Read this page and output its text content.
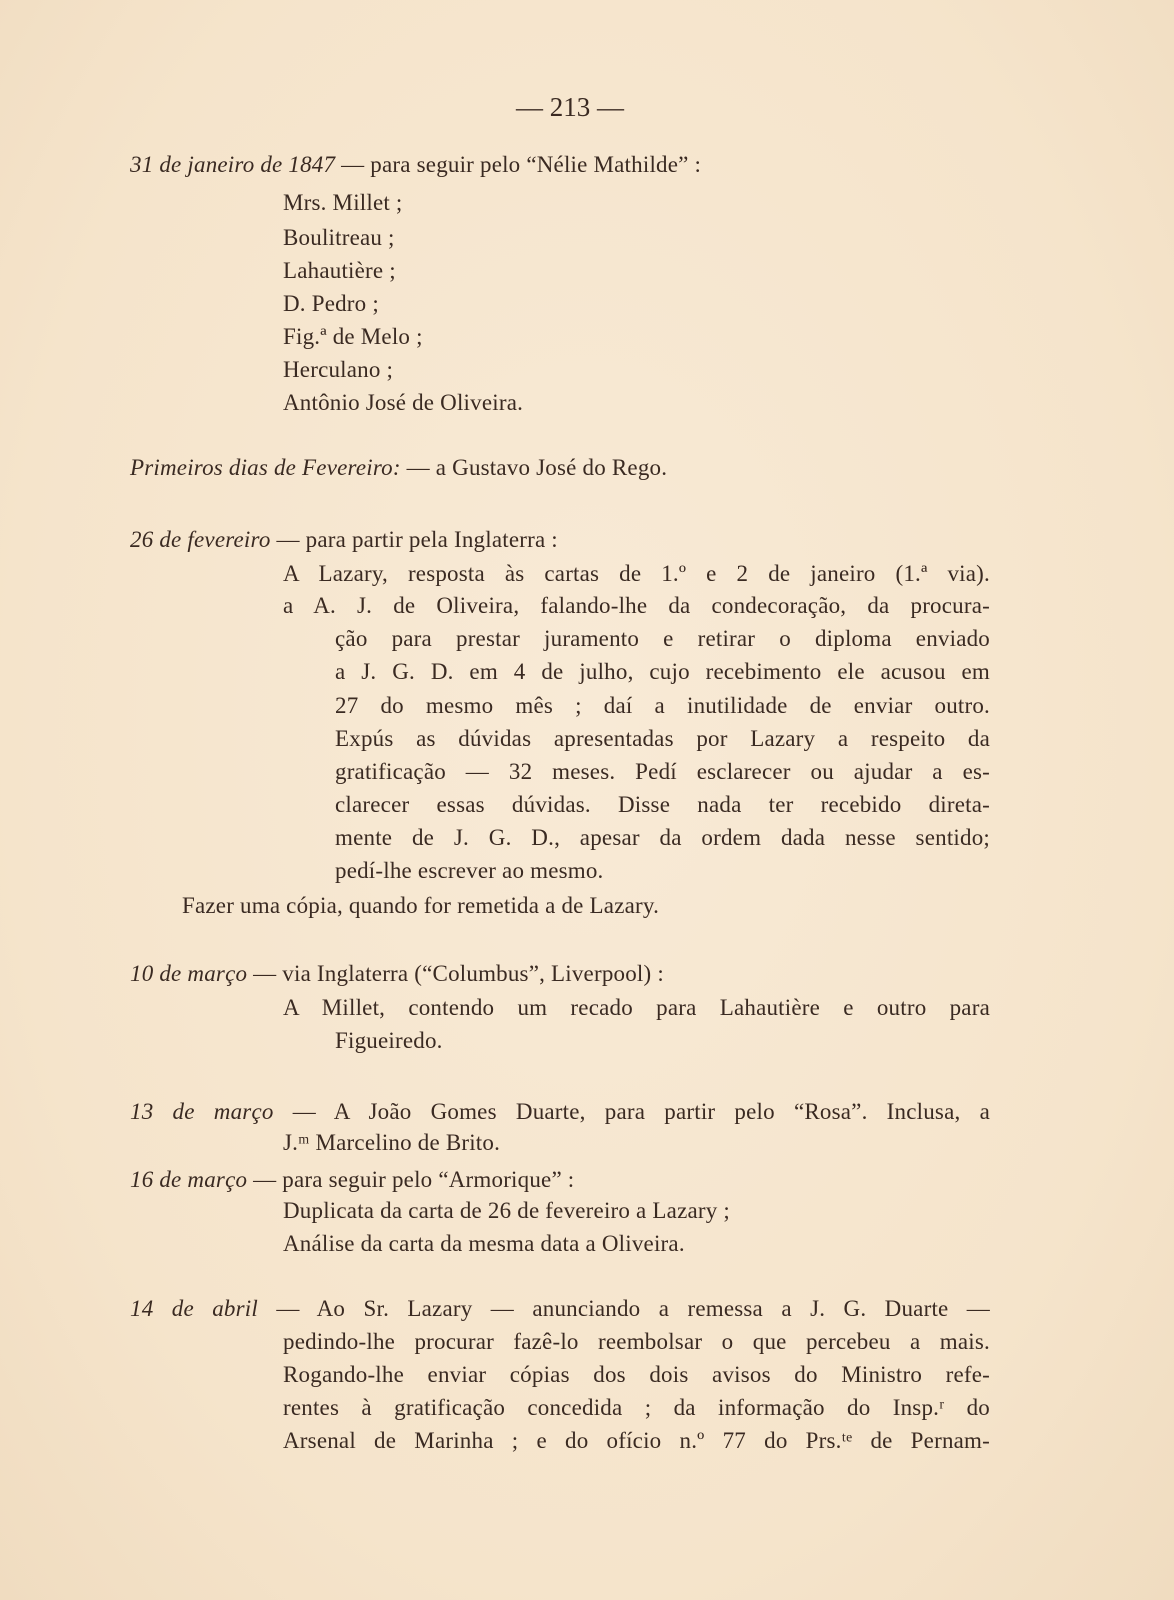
— 213 —
31 de janeiro de 1847 — para seguir pelo “Nélie Mathilde” :
Mrs. Millet ;
Boulitreau ;
Lahautière ;
D. Pedro ;
Fig.ª de Melo ;
Herculano ;
Antônio José de Oliveira.
Primeiros dias de Fevereiro: — a Gustavo José do Rego.
26 de fevereiro — para partir pela Inglaterra :
A Lazary, resposta às cartas de 1.º e 2 de janeiro (1.ª via).
a A. J. de Oliveira, falando-lhe da condecoração, da procura-
ção para prestar juramento e retirar o diploma enviado
a J. G. D. em 4 de julho, cujo recebimento ele acusou em
27 do mesmo mês ; daí a inutilidade de enviar outro.
Expús as dúvidas apresentadas por Lazary a respeito da
gratificação — 32 meses. Pedí esclarecer ou ajudar a es-
clarecer essas dúvidas. Disse nada ter recebido direta-
mente de J. G. D., apesar da ordem dada nesse sentido;
pedí-lhe escrever ao mesmo.
Fazer uma cópia, quando for remetida a de Lazary.
10 de março — via Inglaterra (“Columbus”, Liverpool) :
A Millet, contendo um recado para Lahautière e outro para
Figueiredo.
13 de março — A João Gomes Duarte, para partir pelo “Rosa”. Inclusa, a
J.ᵐ Marcelino de Brito.
16 de março — para seguir pelo “Armorique” :
Duplicata da carta de 26 de fevereiro a Lazary ;
Análise da carta da mesma data a Oliveira.
14 de abril — Ao Sr. Lazary — anunciando a remessa a J. G. Duarte —
pedindo-lhe procurar fazê-lo reembolsar o que percebeu a mais.
Rogando-lhe enviar cópias dos dois avisos do Ministro refe-
rentes à gratificação concedida ; da informação do Insp.ʳ do
Arsenal de Marinha ; e do ofício n.º 77 do Prs.ᵗᵉ de Pernam-
